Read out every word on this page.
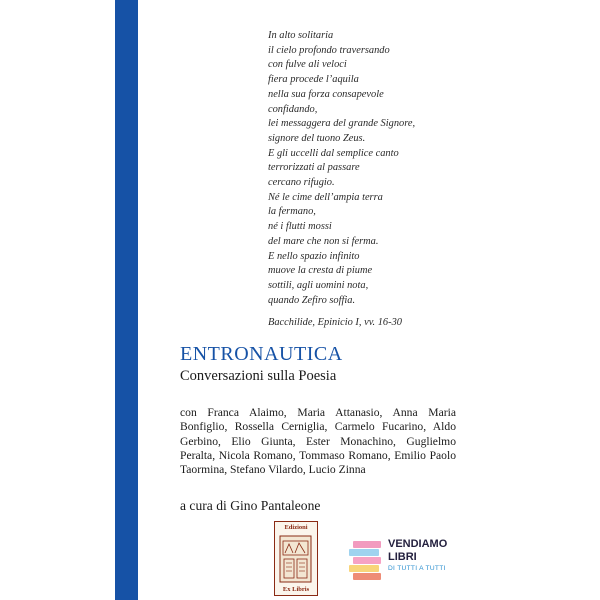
In alto solitaria
il cielo profondo traversando
con fulve ali veloci
fiera procede l’aquila
nella sua forza consapevole
confidando,
lei messaggera del grande Signore,
signore del tuono Zeus.
E gli uccelli dal semplice canto
terrorizzati al passare
cercano rifugio.
Né le cime dell’ampia terra
la fermano,
né i flutti mossi
del mare che non si ferma.
E nello spazio infinito
muove la cresta di piume
sottili, agli uomini nota,
quando Zefiro soffia.
Bacchilide, Epinicio I, vv. 16-30
ENTRONAUTICA
Conversazioni sulla Poesia
con Franca Alaimo, Maria Attanasio, Anna Maria Bonfiglio, Rossella Cerniglia, Carmelo Fucarino, Aldo Gerbino, Elio Giunta, Ester Monachino, Guglielmo Peralta, Nicola Romano, Tommaso Romano, Emilio Paolo Taormina, Stefano Vilardo, Lucio Zinna
a cura di Gino Pantaleone
Edizioni
Ex Libris
VENDIAMO
LIBRI
DI TUTTI A TUTTI
